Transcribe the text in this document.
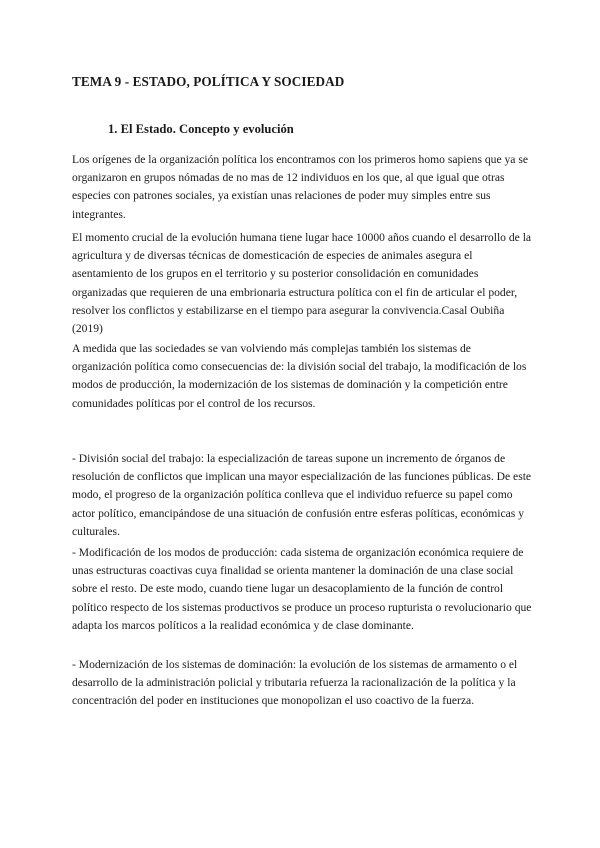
TEMA 9 - ESTADO, POLÍTICA Y SOCIEDAD
1. El Estado. Concepto y evolución

Los orígenes de la organización política los encontramos con los primeros homo sapiens que ya se organizaron en grupos nómadas de no mas de 12 individuos en los que, al que igual que otras especies con patrones sociales, ya existían unas relaciones de poder muy simples entre sus integrantes.

El momento crucial de la evolución humana tiene lugar hace 10000 años cuando el desarrollo de la agricultura y de diversas técnicas de domesticación de especies de animales asegura el asentamiento de los grupos en el territorio y su posterior consolidación en comunidades organizadas que requieren de una embrionaria estructura política con el fin de articular el poder, resolver los conflictos y estabilizarse en el tiempo para asegurar la convivencia.Casal Oubiña (2019)

A medida que las sociedades se van volviendo más complejas también los sistemas de organización política como consecuencias de: la división social del trabajo, la modificación de los modos de producción, la modernización de los sistemas de dominación y la competición entre comunidades políticas por el control de los recursos.

- División social del trabajo: la especialización de tareas supone un incremento de órganos de resolución de conflictos que implican una mayor especialización de las funciones públicas. De este modo, el progreso de la organización política conlleva que el individuo refuerce su papel como actor político, emancipándose de una situación de confusión entre esferas políticas, económicas y culturales.

- Modificación de los modos de producción: cada sistema de organización económica requiere de unas estructuras coactivas cuya finalidad se orienta mantener la dominación de una clase social sobre el resto. De este modo, cuando tiene lugar un desacoplamiento de la función de control político respecto de los sistemas productivos se produce un proceso rupturista o revolucionario que adapta los marcos políticos a la realidad económica y de clase dominante.

- Modernización de los sistemas de dominación: la evolución de los sistemas de armamento o el desarrollo de la administración policial y tributaria refuerza la racionalización de la política y la concentración del poder en instituciones que monopolizan el uso coactivo de la fuerza.
